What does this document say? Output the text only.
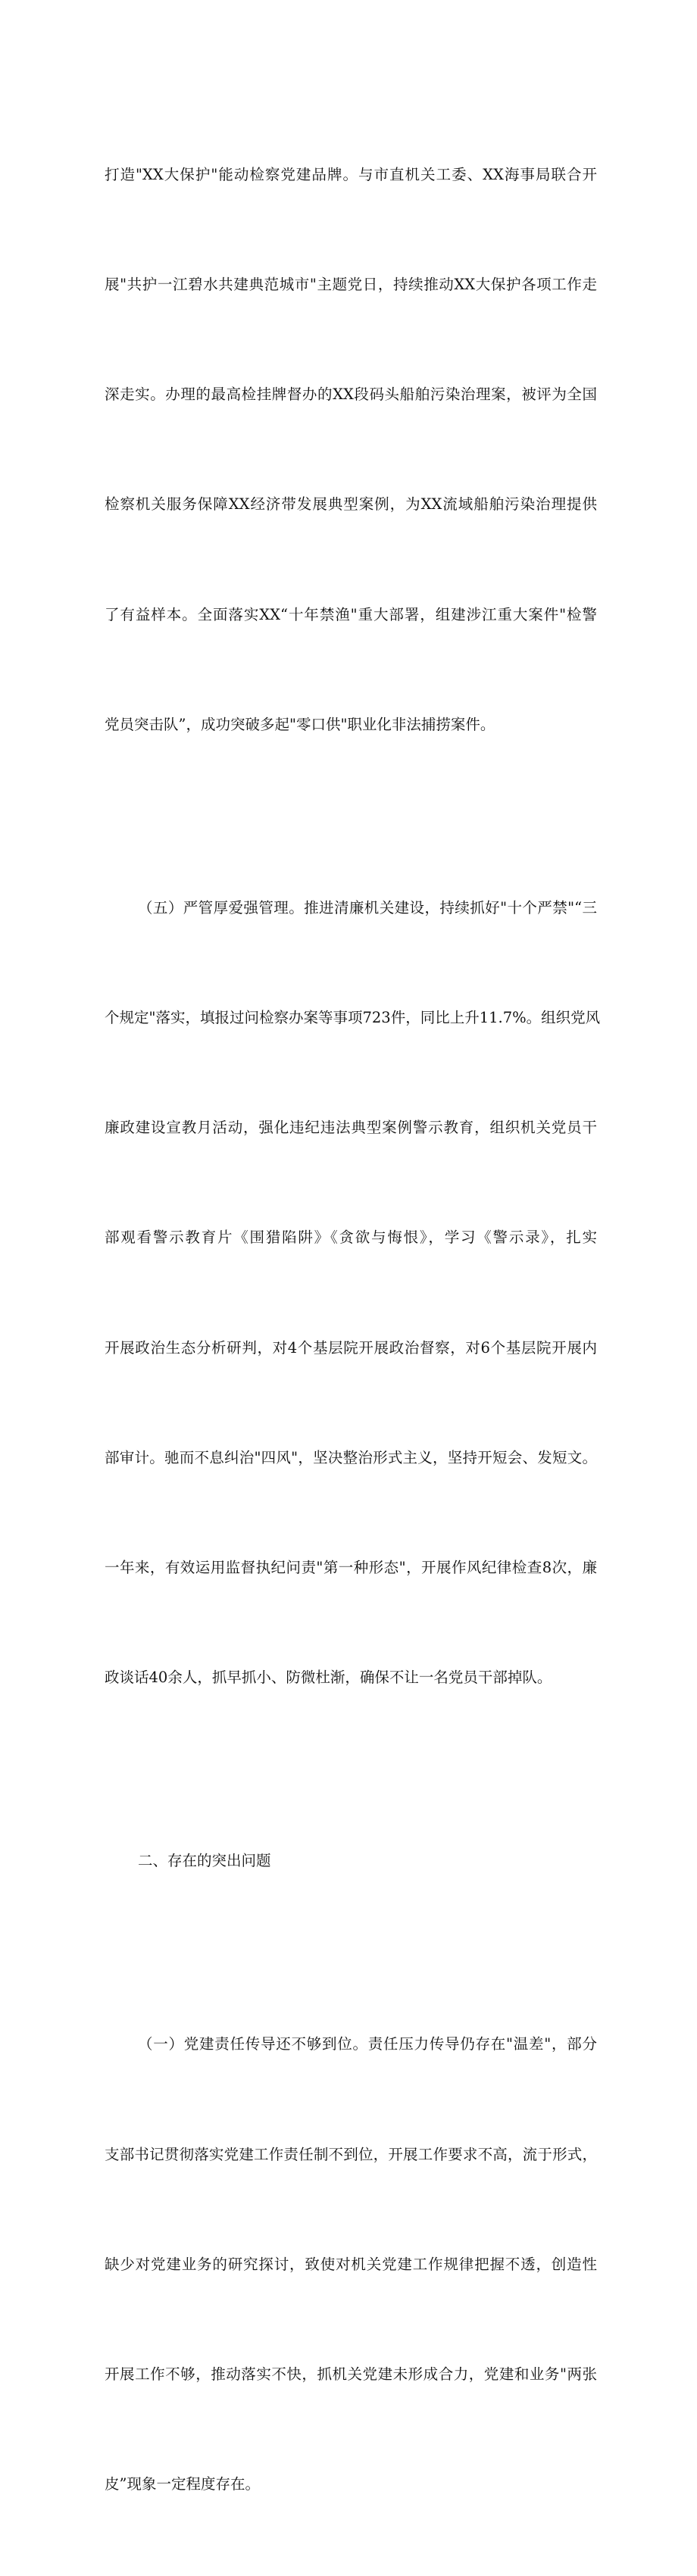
打造"XX大保护"能动检察党建品牌。与市直机关工委、XX海事局联合开

展"共护一江碧水共建典范城市"主题党日，持续推动XX大保护各项工作走

深走实。办理的最高检挂牌督办的XX段码头船舶污染治理案，被评为全国

检察机关服务保障XX经济带发展典型案例，为XX流域船舶污染治理提供

了有益样本。全面落实XX“十年禁渔"重大部署，组建涉江重大案件"检警

党员突击队”，成功突破多起"零口供"职业化非法捕捞案件。

（五）严管厚爱强管理。推进清廉机关建设，持续抓好"十个严禁"“三

个规定"落实，填报过问检察办案等事项723件，同比上升11.7%。组织党风

廉政建设宣教月活动，强化违纪违法典型案例警示教育，组织机关党员干

部观看警示教育片《围猎陷阱》《贪欲与悔恨》，学习《警示录》，扎实

开展政治生态分析研判，对4个基层院开展政治督察，对6个基层院开展内

部审计。驰而不息纠治"四风"，坚决整治形式主义，坚持开短会、发短文。

一年来，有效运用监督执纪问责"第一种形态"，开展作风纪律检查8次，廉

政谈话40余人，抓早抓小、防微杜渐，确保不让一名党员干部掉队。

二、存在的突出问题

（一）党建责任传导还不够到位。责任压力传导仍存在"温差"，部分

支部书记贯彻落实党建工作责任制不到位，开展工作要求不高，流于形式，

缺少对党建业务的研究探讨，致使对机关党建工作规律把握不透，创造性

开展工作不够，推动落实不快，抓机关党建未形成合力，党建和业务"两张

皮”现象一定程度存在。
